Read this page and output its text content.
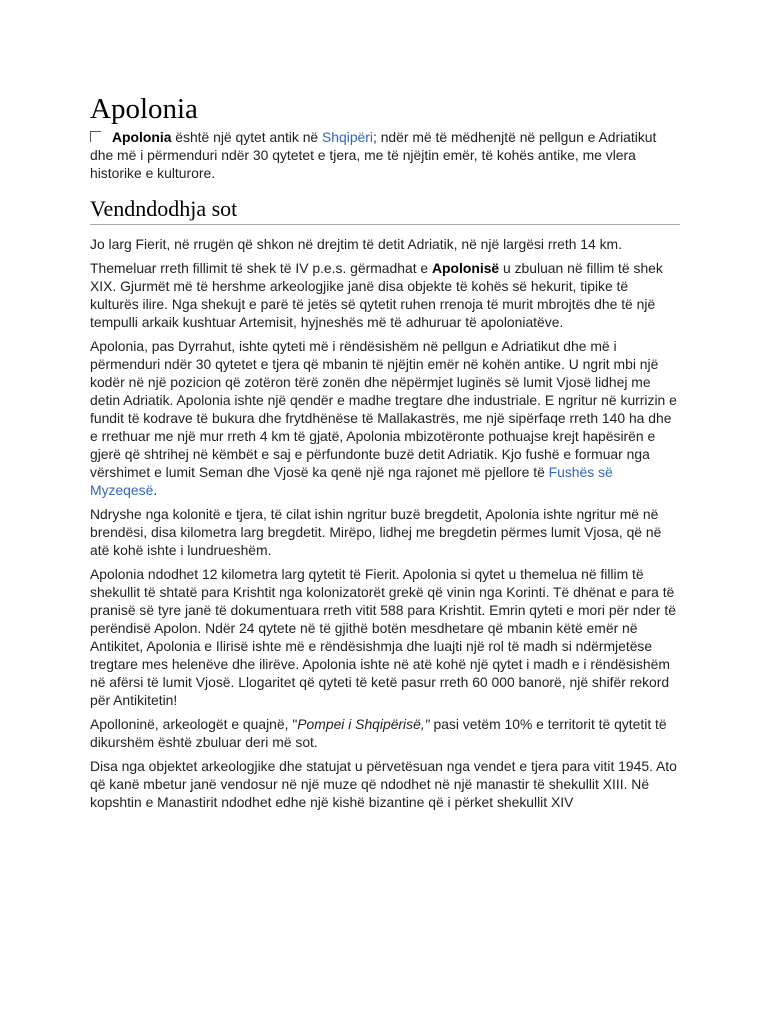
Apolonia

Apolonia është një qytet antik në Shqipëri; ndër më të mëdhenjtë në pellgun e Adriatikut dhe më i përmenduri ndër 30 qytetet e tjera, me të njëjtin emër, të kohës antike, me vlera historike e kulturore.

Vendndodhja sot

Jo larg Fierit, në rrugën që shkon në drejtim të detit Adriatik, në një largësi rreth 14 km.

Themeluar rreth fillimit të shek të IV p.e.s. gërmadhat e Apolonisë u zbuluan në fillim të shek XIX. Gjurmët më të hershme arkeologjike janë disa objekte të kohës së hekurit, tipike të kulturës ilire. Nga shekujt e parë të jetës së qytetit ruhen rrenoja të murit mbrojtës dhe të një tempulli arkaik kushtuar Artemisit, hyjneshës më të adhuruar të apoloniatëve.

Apolonia, pas Dyrrahut, ishte qyteti më i rëndësishëm në pellgun e Adriatikut dhe më i përmenduri ndër 30 qytetet e tjera që mbanin të njëjtin emër në kohën antike. U ngrit mbi një kodër në një pozicion që zotëron tërë zonën dhe nëpërmjet luginës së lumit Vjosë lidhej me detin Adriatik. Apolonia ishte një qendër e madhe tregtare dhe industriale. E ngritur në kurrizin e fundit të kodrave të bukura dhe frytdhënëse të Mallakastrës, me një sipërfaqe rreth 140 ha dhe e rrethuar me një mur rreth 4 km të gjatë, Apolonia mbizotëronte pothuajse krejt hapësirën e gjerë që shtrihej në këmbët e saj e përfundonte buzë detit Adriatik. Kjo fushë e formuar nga vërshimet e lumit Seman dhe Vjosë ka qenë një nga rajonet më pjellore të Fushës së Myzeqesë.

Ndryshe nga kolonitë e tjera, të cilat ishin ngritur buzë bregdetit, Apolonia ishte ngritur më në brendësi, disa kilometra larg bregdetit. Mirëpo, lidhej me bregdetin përmes lumit Vjosa, që në atë kohë ishte i lundrueshëm.

Apolonia ndodhet 12 kilometra larg qytetit të Fierit. Apolonia si qytet u themelua në fillim të shekullit të shtatë para Krishtit nga kolonizatorët grekë që vinin nga Korinti. Të dhënat e para të pranisë së tyre janë të dokumentuara rreth vitit 588 para Krishtit. Emrin qyteti e mori për nder të perëndisë Apolon. Ndër 24 qytete në të gjithë botën mesdhetare që mbanin këtë emër në Antikitet, Apolonia e Ilirisë ishte më e rëndësishmja dhe luajti një rol të madh si ndërmjetëse tregtare mes helenëve dhe ilirëve. Apolonia ishte në atë kohë një qytet i madh e i rëndësishëm në afërsi të lumit Vjosë. Llogaritet që qyteti të ketë pasur rreth 60 000 banorë, një shifër rekord për Antikitetin!

Apolloninë, arkeologët e quajnë, "Pompei i Shqipërisë," pasi vetëm 10% e territorit të qytetit të dikurshëm është zbuluar deri më sot.

Disa nga objektet arkeologjike dhe statujat u përvetësuan nga vendet e tjera para vitit 1945. Ato që kanë mbetur janë vendosur në një muze që ndodhet në një manastir të shekullit XIII. Në kopshtin e Manastirit ndodhet edhe një kishë bizantine që i përket shekullit XIV
